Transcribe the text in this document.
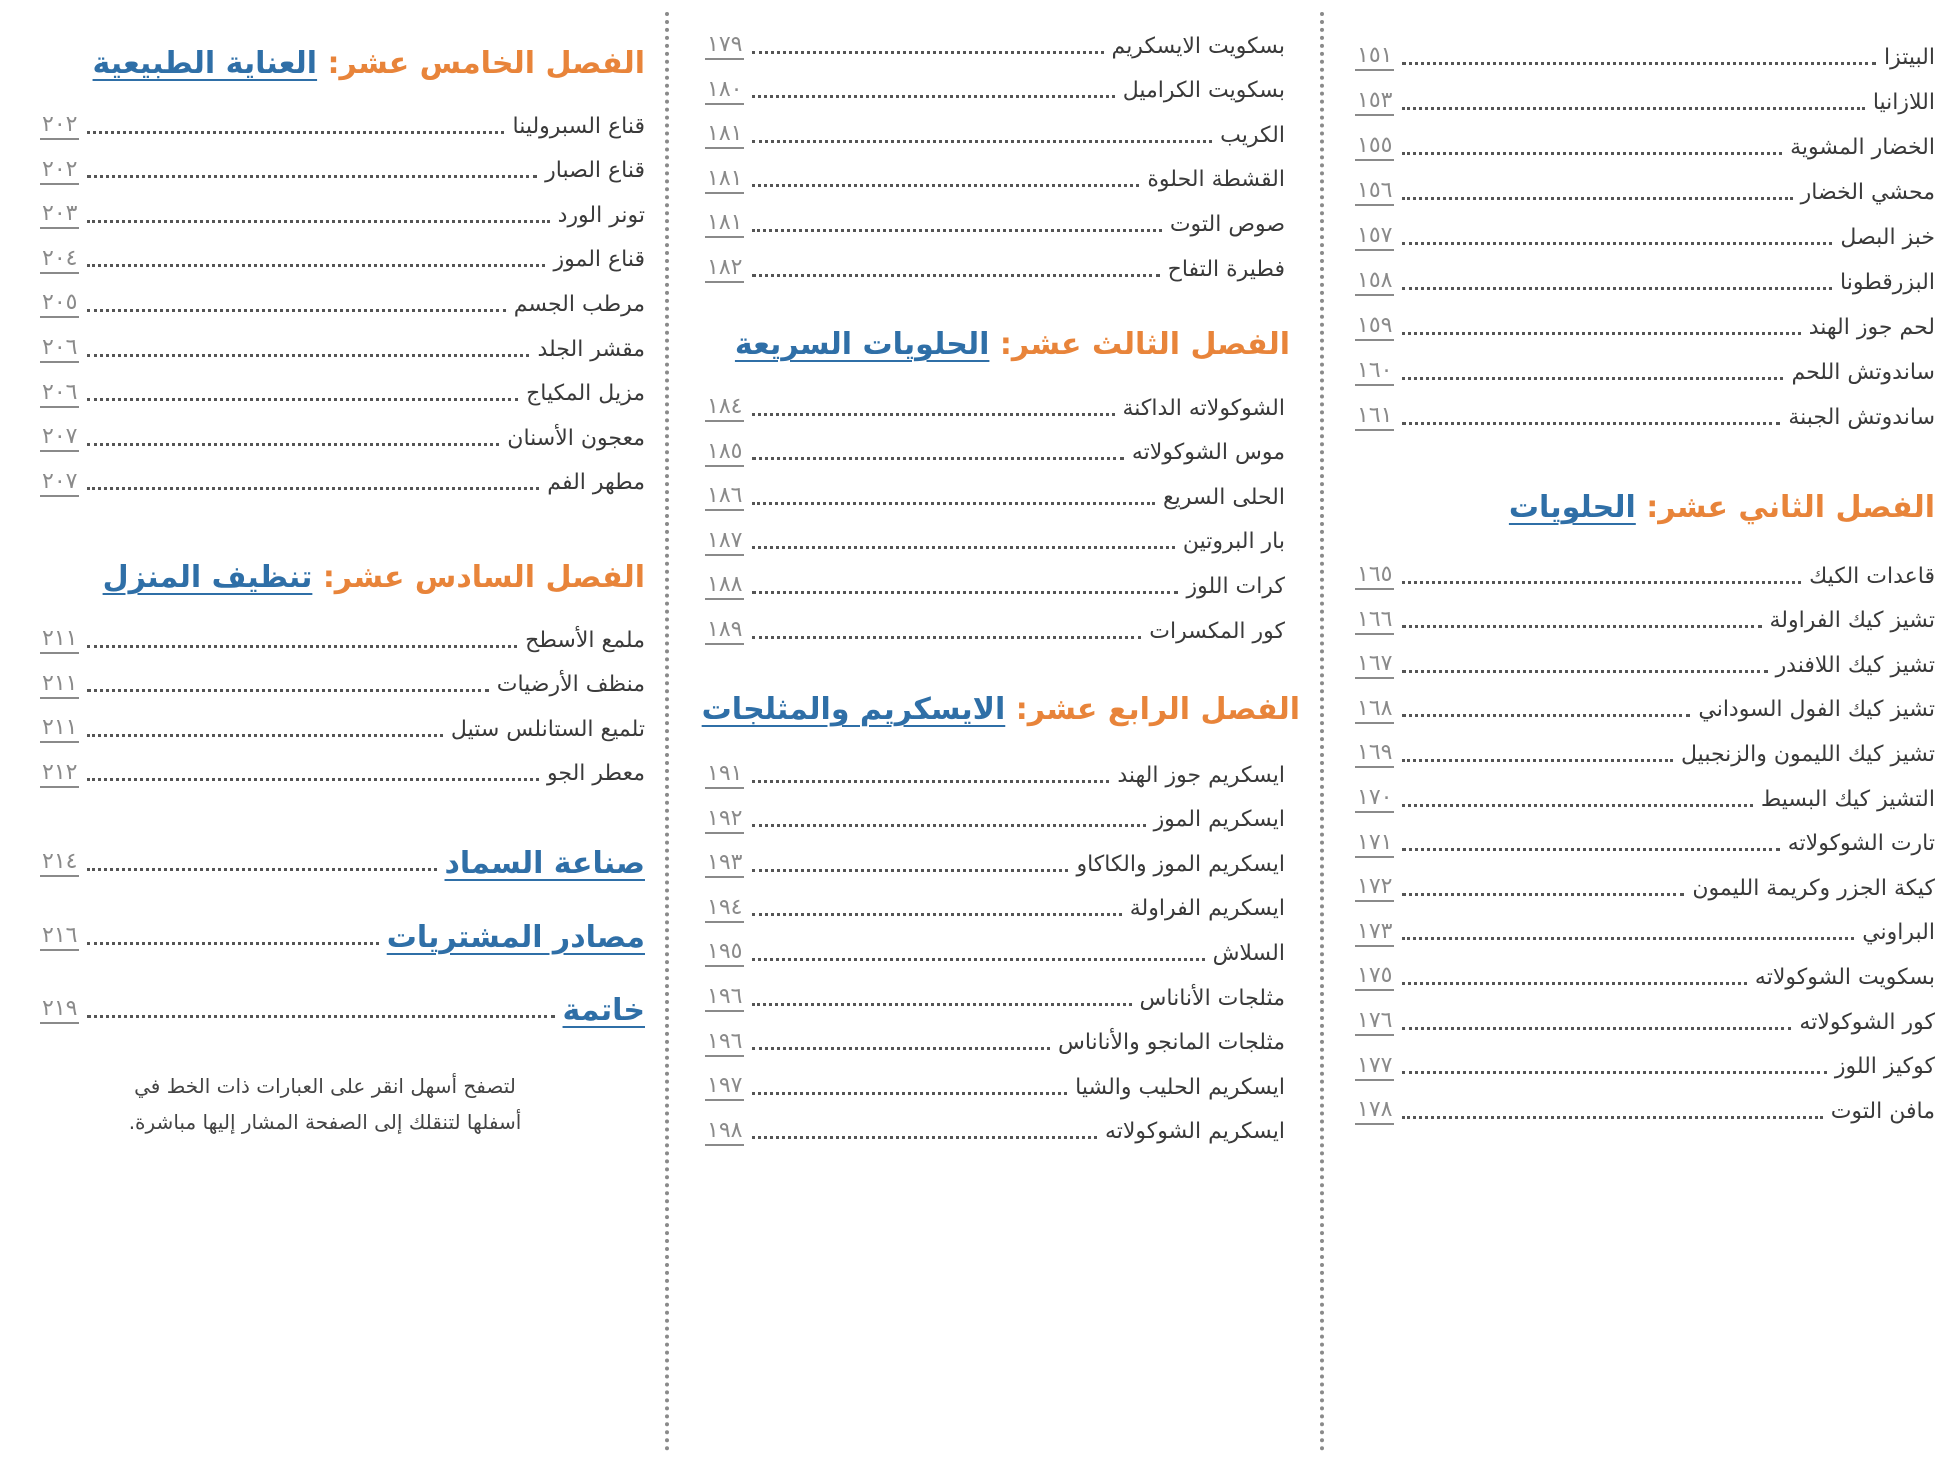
البيتزا
١٥١
اللازانيا
١٥٣
الخضار المشوية
١٥٥
محشي الخضار
١٥٦
خبز البصل
١٥٧
البزرقطونا
١٥٨
لحم جوز الهند
١٥٩
ساندوتش اللحم
١٦٠
ساندوتش الجبنة
١٦١
الفصل الثاني عشر: الحلويات
قاعدات الكيك
١٦٥
تشيز كيك الفراولة
١٦٦
تشيز كيك اللافندر
١٦٧
تشيز كيك الفول السوداني
١٦٨
تشيز كيك الليمون والزنجبيل
١٦٩
التشيز كيك البسيط
١٧٠
تارت الشوكولاته
١٧١
كيكة الجزر وكريمة الليمون
١٧٢
البراوني
١٧٣
بسكويت الشوكولاته
١٧٥
كور الشوكولاته
١٧٦
كوكيز اللوز
١٧٧
مافن التوت
١٧٨
بسكويت الايسكريم
١٧٩
بسكويت الكراميل
١٨٠
الكريب
١٨١
القشطة الحلوة
١٨١
صوص التوت
١٨١
فطيرة التفاح
١٨٢
الفصل الثالث عشر: الحلويات السريعة
الشوكولاته الداكنة
١٨٤
موس الشوكولاته
١٨٥
الحلى السريع
١٨٦
بار البروتين
١٨٧
كرات اللوز
١٨٨
كور المكسرات
١٨٩
الفصل الرابع عشر: الايسكريم والمثلجات
ايسكريم جوز الهند
١٩١
ايسكريم الموز
١٩٢
ايسكريم الموز والكاكاو
١٩٣
ايسكريم الفراولة
١٩٤
السلاش
١٩٥
مثلجات الأناناس
١٩٦
مثلجات المانجو والأناناس
١٩٦
ايسكريم الحليب والشيا
١٩٧
ايسكريم الشوكولاته
١٩٨
الفصل الخامس عشر: العناية الطبيعية
قناع السبرولينا
٢٠٢
قناع الصبار
٢٠٢
تونر الورد
٢٠٣
قناع الموز
٢٠٤
مرطب الجسم
٢٠٥
مقشر الجلد
٢٠٦
مزيل المكياج
٢٠٦
معجون الأسنان
٢٠٧
مطهر الفم
٢٠٧
الفصل السادس عشر: تنظيف المنزل
ملمع الأسطح
٢١١
منظف الأرضيات
٢١١
تلميع الستانلس ستيل
٢١١
معطر الجو
٢١٢
صناعة السماد
٢١٤
مصادر المشتريات
٢١٦
خاتمة
٢١٩
لتصفح أسهل انقر على العبارات ذات الخط في
أسفلها لتنقلك إلى الصفحة المشار إليها مباشرة.
